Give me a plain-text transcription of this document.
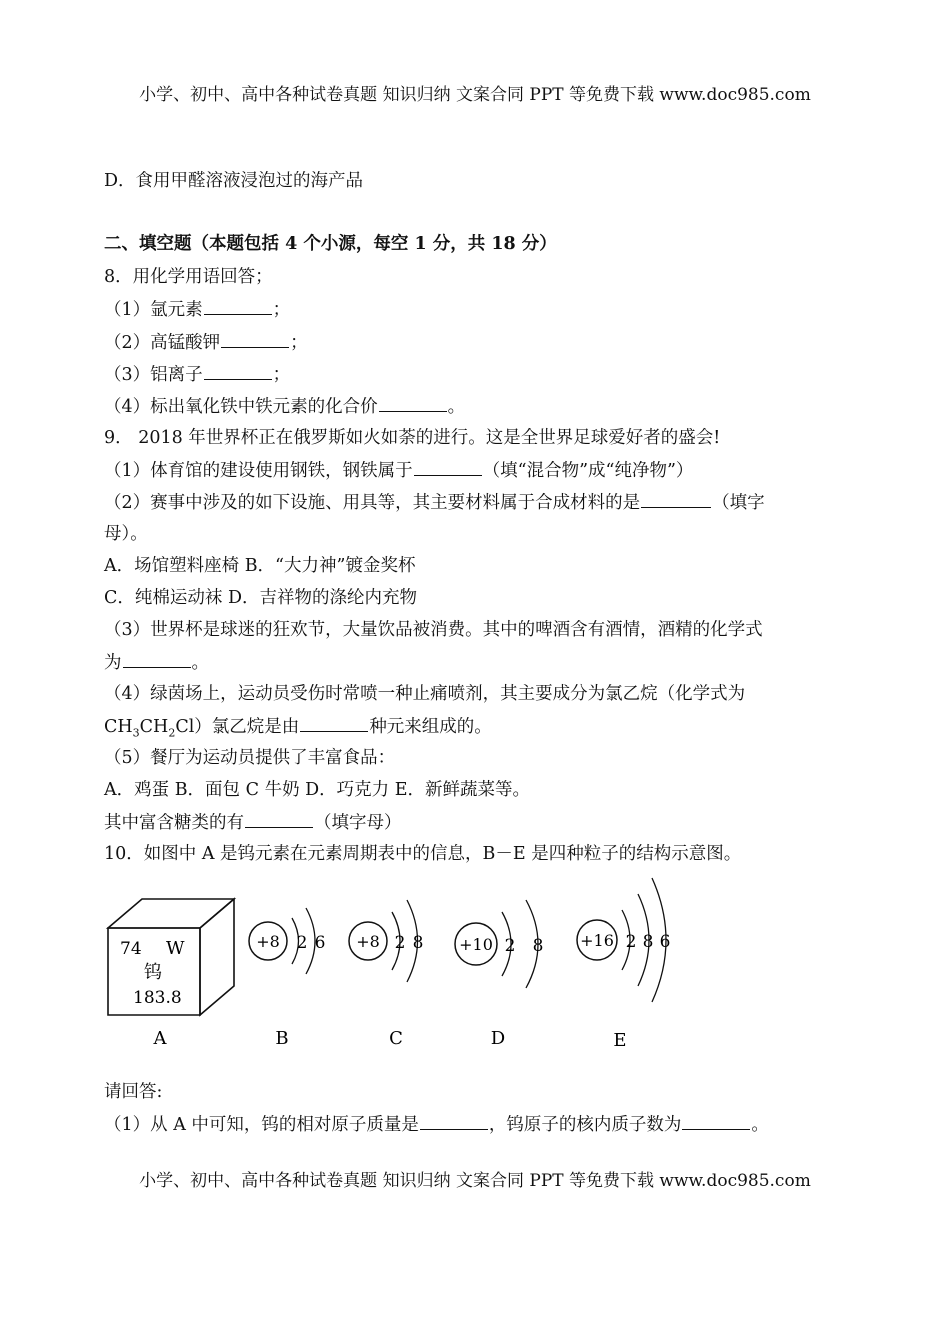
小学、初中、高中各种试卷真题 知识归纳 文案合同 PPT 等免费下载 www.doc985.com
D．食用甲醛溶液浸泡过的海产品
二、填空题（本题包括 4 个小源，每空 1 分，共 18 分）
8．用化学用语回答；
（1）氩元素	；
（2）高锰酸钾	；
（3）铝离子	；
（4）标出氧化铁中铁元素的化合价	。
9． 2018 年世界杯正在俄罗斯如火如荼的进行。这是全世界足球爱好者的盛会!
（1）体育馆的建设使用钢铁，钢铁属于	（填“混合物”成“纯净物”）
（2）赛事中涉及的如下设施、用具等，其主要材料属于合成材料的是	（填字
母）。
A．场馆塑料座椅 B．“大力神”镀金奖杯
C．纯棉运动袜 D．吉祥物的涤纶内充物
（3）世界杯是球迷的狂欢节，大量饮品被消费。其中的啤酒含有酒情，酒精的化学式
为	。
（4）绿茵场上，运动员受伤时常喷一种止痛喷剂，其主要成分为氯乙烷（化学式为
$CH_3CH_2Cl$）氯乙烷是由	种元来组成的。
（5）餐厅为运动员提供了丰富食品：
A．鸡蛋 B．面包 C 牛奶 D．巧克力 E．新鲜蔬菜等。
其中富含糖类的有	（填字母）
10．如图中 A 是钨元素在元素周期表中的信息，B－E 是四种粒子的结构示意图。
74 W
钨
183.8
+8 2 6 +8 2 8 +10 2 8 +16 2 8 6
A	B	C	D	E
请回答:
（1）从 A 中可知，钨的相对原子质量是	，钨原子的核内质子数为	。
小学、初中、高中各种试卷真题 知识归纳 文案合同 PPT 等免费下载 www.doc985.com
